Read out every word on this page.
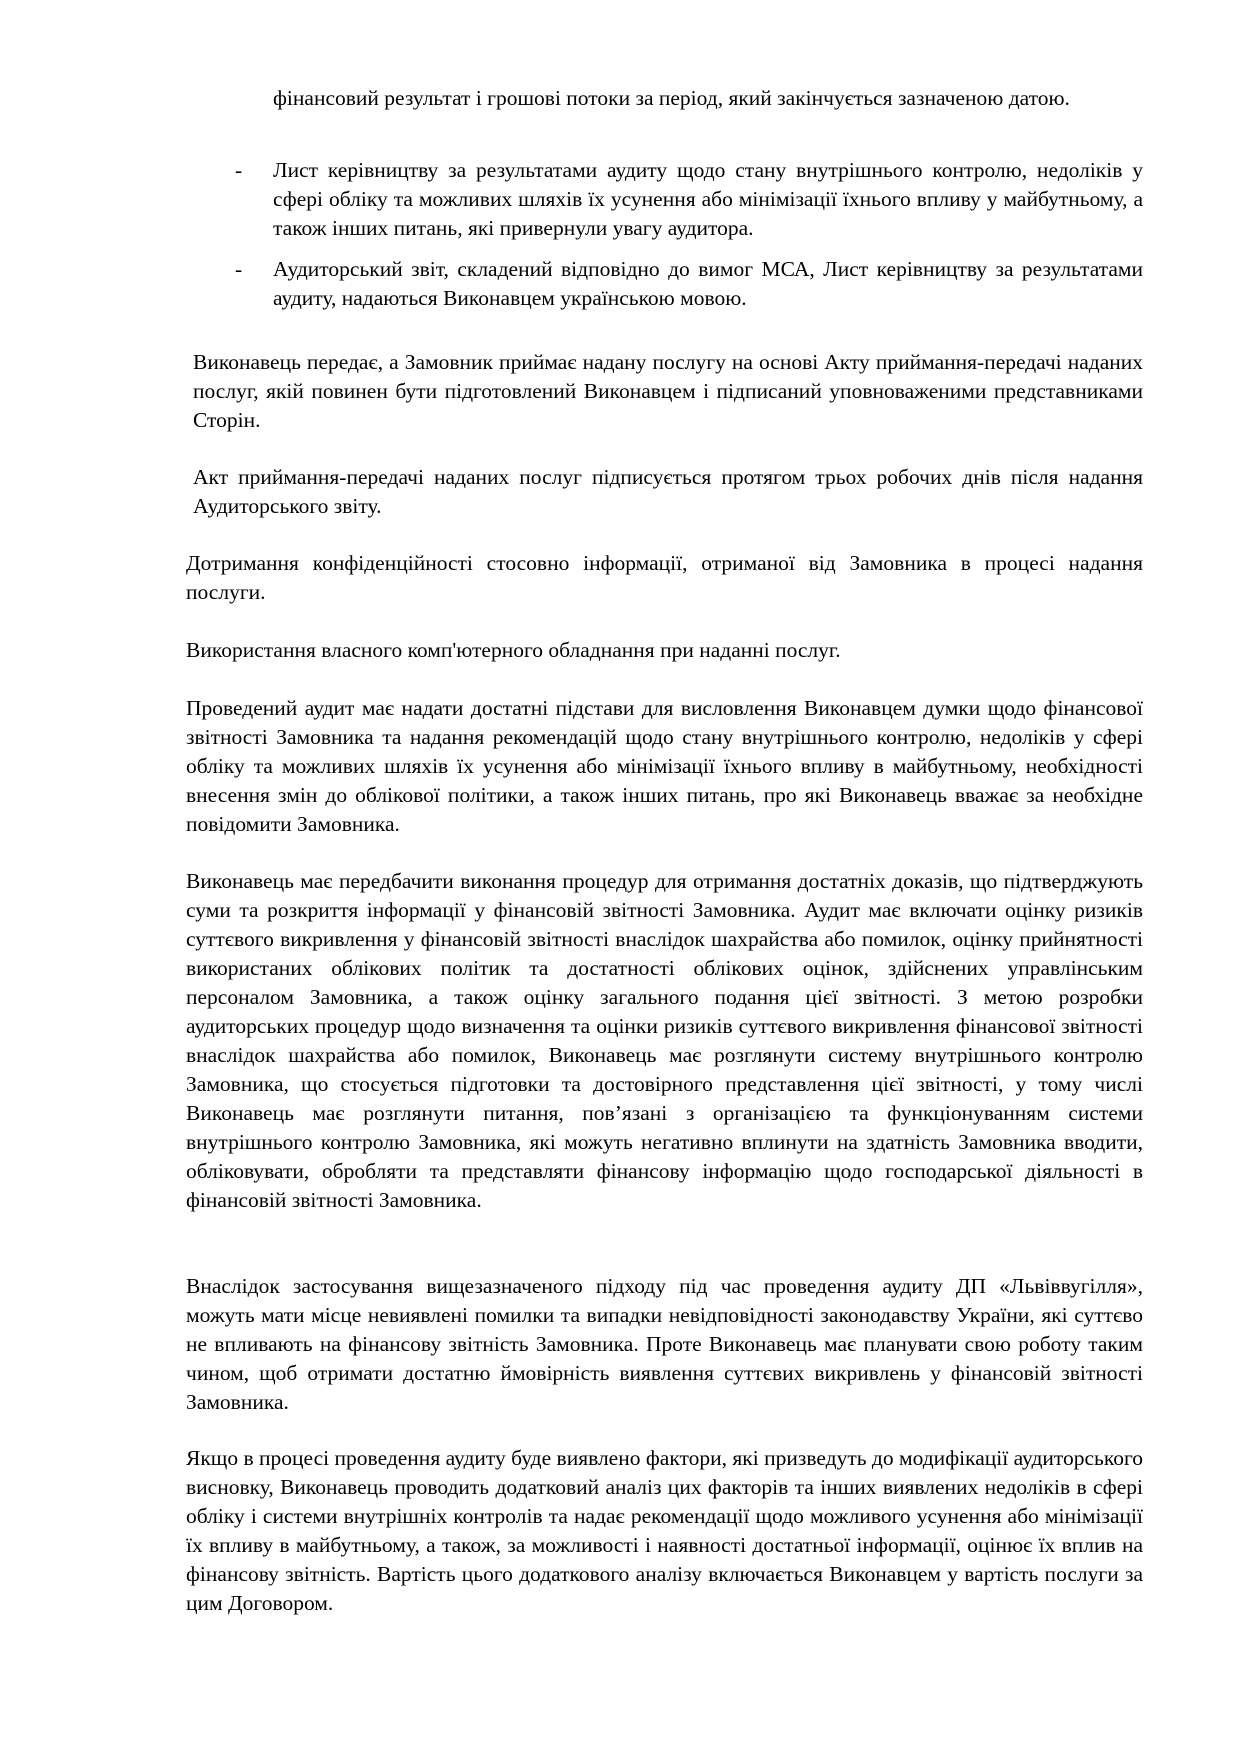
фінансовий результат і грошові потоки за період, який закінчується зазначеною датою.

- Лист керівництву за результатами аудиту щодо стану внутрішнього контролю, недоліків у сфері обліку та можливих шляхів їх усунення або мінімізації їхнього впливу у майбутньому, а також інших питань, які привернули увагу аудитора.
- Аудиторський звіт, складений відповідно до вимог МСА, Лист керівництву за результатами аудиту, надаються Виконавцем українською мовою.

Виконавець передає, а Замовник приймає надану послугу на основі Акту приймання-передачі наданих послуг, якій повинен бути підготовлений Виконавцем і підписаний уповноваженими представниками Сторін.

Акт приймання-передачі наданих послуг підписується протягом трьох робочих днів після надання Аудиторського звіту.

Дотримання конфіденційності стосовно інформації, отриманої від Замовника в процесі надання послуги.

Використання власного комп'ютерного обладнання при наданні послуг.

Проведений аудит має надати достатні підстави для висловлення Виконавцем думки щодо фінансової звітності Замовника та надання рекомендацій щодо стану внутрішнього контролю, недоліків у сфері обліку та можливих шляхів їх усунення або мінімізації їхнього впливу в майбутньому, необхідності внесення змін до облікової політики, а також інших питань, про які Виконавець вважає за необхідне повідомити Замовника.

Виконавець має передбачити виконання процедур для отримання достатніх доказів, що підтверджують суми та розкриття інформації у фінансовій звітності Замовника. Аудит має включати оцінку ризиків суттєвого викривлення у фінансовій звітності внаслідок шахрайства або помилок, оцінку прийнятності використаних облікових політик та достатності облікових оцінок, здійснених управлінським персоналом Замовника, а також оцінку загального подання цієї звітності. З метою розробки аудиторських процедур щодо визначення та оцінки ризиків суттєвого викривлення фінансової звітності внаслідок шахрайства або помилок, Виконавець має розглянути систему внутрішнього контролю Замовника, що стосується підготовки та достовірного представлення цієї звітності, у тому числі Виконавець має розглянути питання, пов’язані з організацією та функціонуванням системи внутрішнього контролю Замовника, які можуть негативно вплинути на здатність Замовника вводити, обліковувати, обробляти та представляти фінансову інформацію щодо господарської діяльності в фінансовій звітності Замовника.

Внаслідок застосування вищезазначеного підходу під час проведення аудиту ДП «Львіввугілля», можуть мати місце невиявлені помилки та випадки невідповідності законодавству України, які суттєво не впливають на фінансову звітність Замовника. Проте Виконавець має планувати свою роботу таким чином, щоб отримати достатню ймовірність виявлення суттєвих викривлень у фінансовій звітності Замовника.

Якщо в процесі проведення аудиту буде виявлено фактори, які призведуть до модифікації аудиторського висновку, Виконавець проводить додатковий аналіз цих факторів та інших виявлених недоліків в сфері обліку і системи внутрішніх контролів та надає рекомендації щодо можливого усунення або мінімізації їх впливу в майбутньому, а також, за можливості і наявності достатньої інформації, оцінює їх вплив на фінансову звітність. Вартість цього додаткового аналізу включається Виконавцем у вартість послуги за цим Договором.
